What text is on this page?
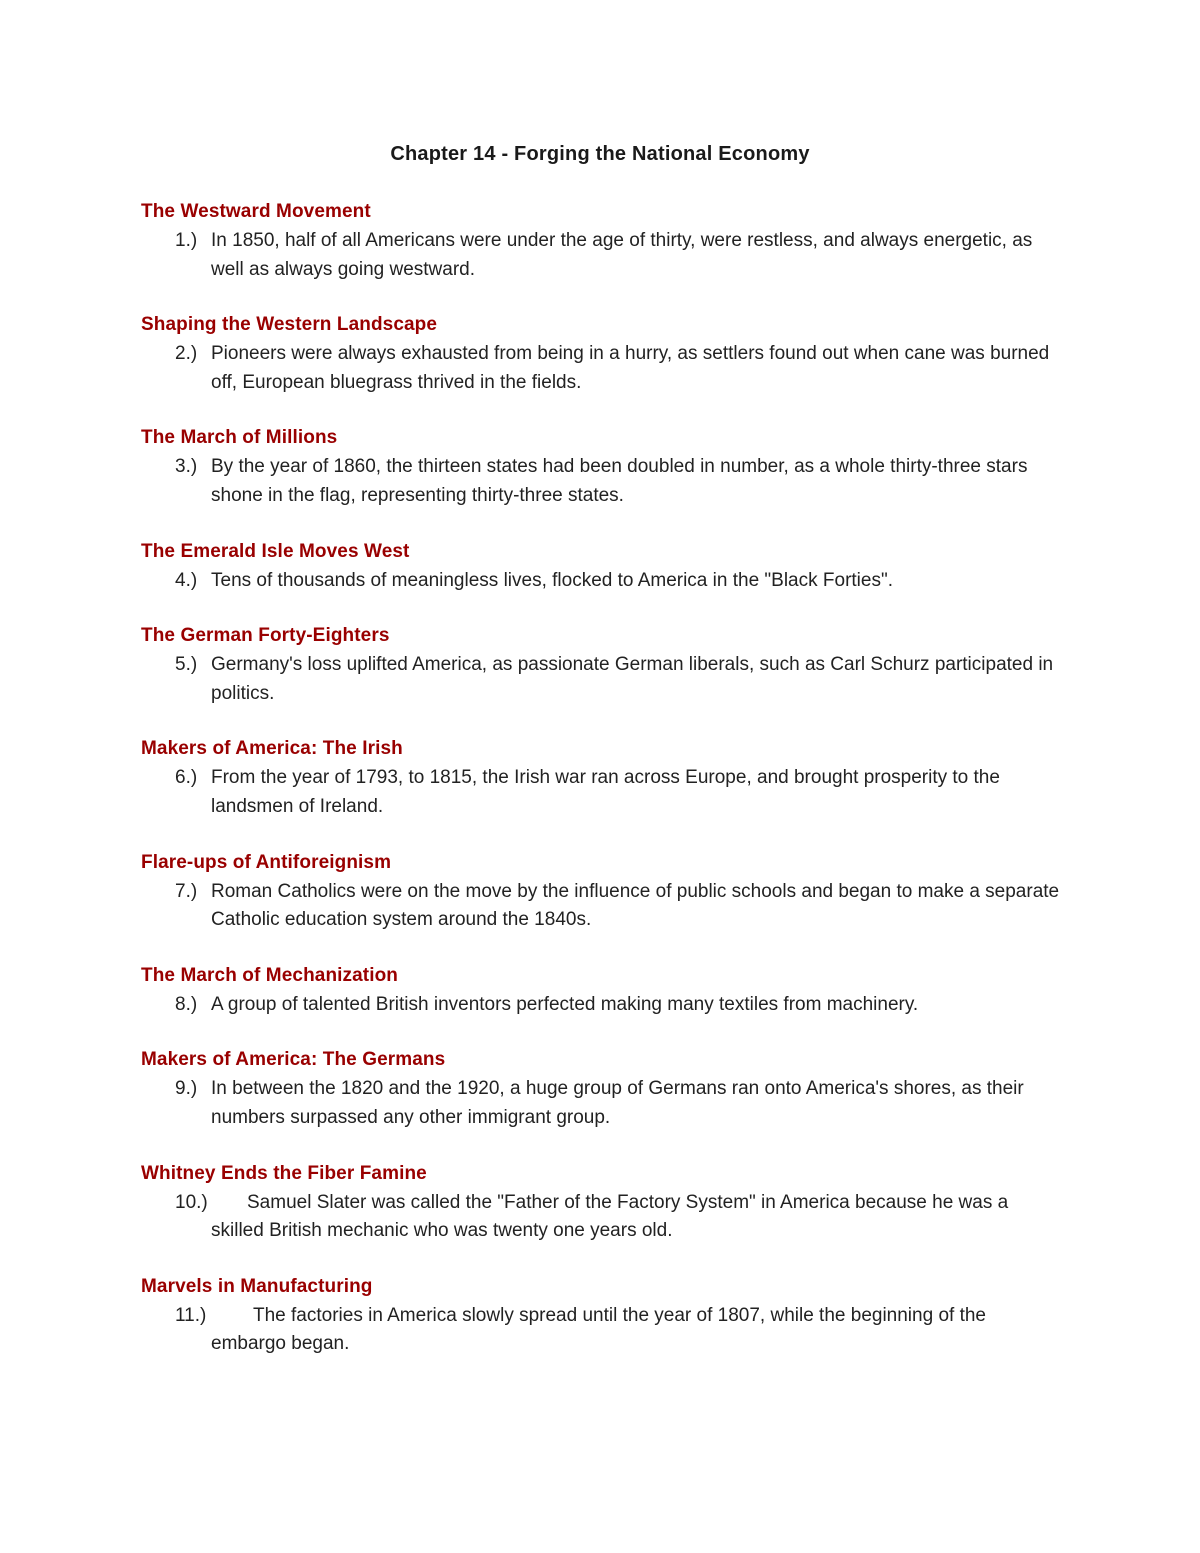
Chapter 14 - Forging the National Economy
The Westward Movement
1.) In 1850, half of all Americans were under the age of thirty, were restless, and always energetic, as well as always going westward.
Shaping the Western Landscape
2.) Pioneers were always exhausted from being in a hurry, as settlers found out when cane was burned off, European bluegrass thrived in the fields.
The March of Millions
3.) By the year of 1860, the thirteen states had been doubled in number, as a whole thirty-three stars shone in the flag, representing thirty-three states.
The Emerald Isle Moves West
4.) Tens of thousands of meaningless lives, flocked to America in the "Black Forties".
The German Forty-Eighters
5.) Germany's loss uplifted America, as passionate German liberals, such as Carl Schurz participated in politics.
Makers of America: The Irish
6.) From the year of 1793, to 1815, the Irish war ran across Europe, and brought prosperity to the landsmen of Ireland.
Flare-ups of Antiforeignism
7.) Roman Catholics were on the move by the influence of public schools and began to make a separate Catholic education system around the 1840s.
The March of Mechanization
8.) A group of talented British inventors perfected making many textiles from machinery.
Makers of America: The Germans
9.) In between the 1820 and the 1920, a huge group of Germans ran onto America's shores, as their numbers surpassed any other immigrant group.
Whitney Ends the Fiber Famine
10.)	Samuel Slater was called the "Father of the Factory System" in America because he was a skilled British mechanic who was twenty one years old.
Marvels in Manufacturing
11.)	The factories in America slowly spread until the year of 1807, while the beginning of the embargo began.
